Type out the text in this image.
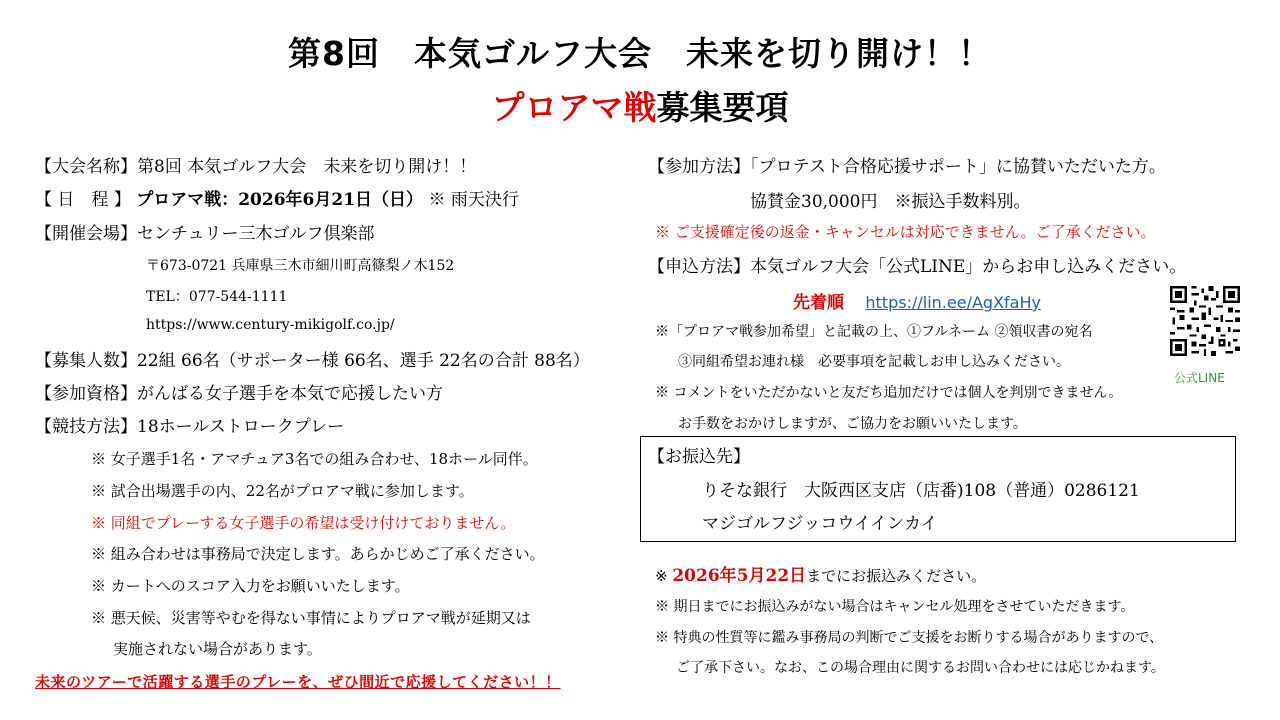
第8回　本気ゴルフ大会　未来を切り開け！！
プロアマ戦募集要項
【大会名称】第8回 本気ゴルフ大会　未来を切り開け！！
【 日　程 】 プロアマ戦：2026年6月21日（日） ※ 雨天決行
【開催会場】センチュリー三木ゴルフ倶楽部
〒673-0721 兵庫県三木市細川町高篠梨ノ木152
TEL：077-544-1111
https://www.century-mikigolf.co.jp/
【募集人数】22組 66名（サポーター様 66名、選手 22名の合計 88名）
【参加資格】がんばる女子選手を本気で応援したい方
【競技方法】18ホールストロークプレー
※ 女子選手1名・アマチュア3名での組み合わせ、18ホール同伴。
※ 試合出場選手の内、22名がプロアマ戦に参加します。
※ 同組でプレーする女子選手の希望は受け付けておりません。
※ 組み合わせは事務局で決定します。あらかじめご了承ください。
※ カートへのスコア入力をお願いいたします。
※ 悪天候、災害等やむを得ない事情によりプロアマ戦が延期又は
実施されない場合があります。
未来のツアーで活躍する選手のプレーを、ぜひ間近で応援してください！！
【参加方法】「プロテスト合格応援サポート」に協賛いただいた方。
協賛金30,000円　※振込手数料別。
※ ご支援確定後の返金・キャンセルは対応できません。ご了承ください。
【申込方法】本気ゴルフ大会「公式LINE」からお申し込みください。
先着順 https://lin.ee/AgXfaHy
※「プロアマ戦参加希望」と記載の上、①フルネーム ②領収書の宛名
③同組希望お連れ様　必要事項を記載しお申し込みください。
※ コメントをいただかないと友だち追加だけでは個人を判別できません。
お手数をおかけしますが、ご協力をお願いいたします。
公式LINE
【お振込先】
りそな銀行　大阪西区支店（店番)108（普通）0286121
マジゴルフジッコウイインカイ
※ 2026年5月22日までにお振込みください。
※ 期日までにお振込みがない場合はキャンセル処理をさせていただきます。
※ 特典の性質等に鑑み事務局の判断でご支援をお断りする場合がありますので、
ご了承下さい。なお、この場合理由に関するお問い合わせには応じかねます。
